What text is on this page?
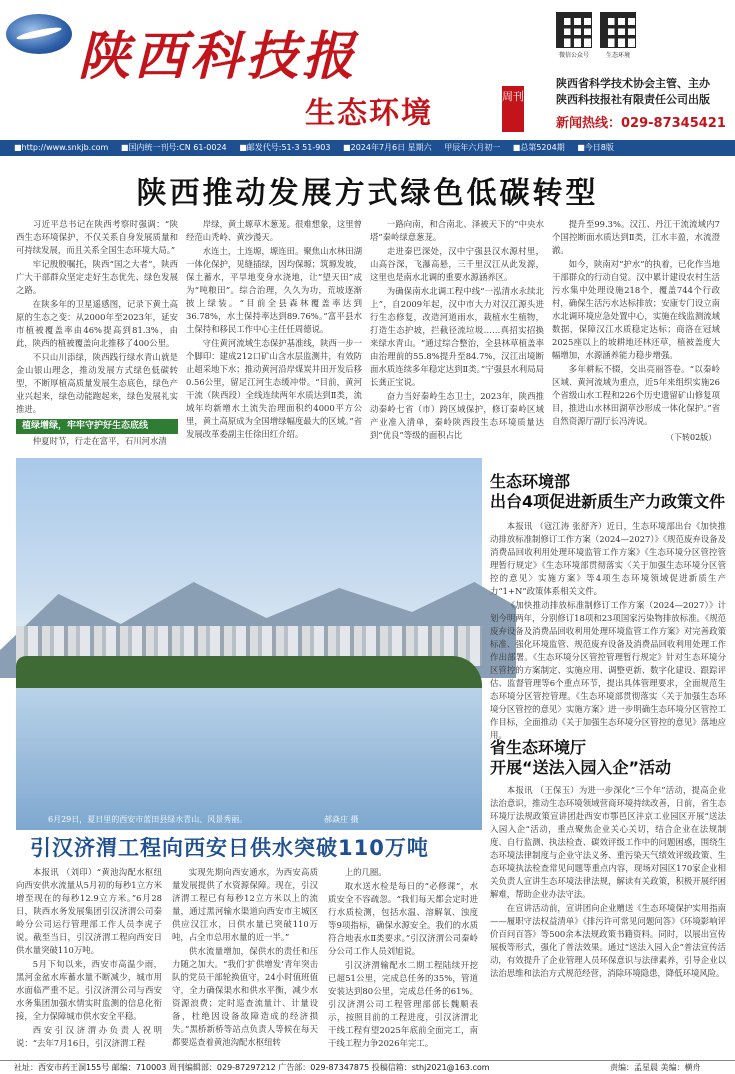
陕西科技报
生态环境	周刊
微信公众号	生态环境
陕西省科学技术协会主管、主办
陕西科技报社有限责任公司出版
新闻热线：029-87345421
■http://www.snkjb.com ■国内统一刊号:CN 61-0024 ■邮发代号:51-3 51-903 ■2024年7月6日 星期六 甲辰年六月初一 ■总第5204期 ■今日8版
陕西推动发展方式绿色低碳转型

习近平总书记在陕西考察时强调：“陕西生态环境保护，不仅关系自身发展质量和可持续发展，而且关系全国生态环境大局。”

牢记殷殷嘱托，陕西“国之大者”，陕西广大干部群众坚定走好生态优先、绿色发展之路。

在陕多年的卫星遥感图，记录下黄土高原的生态之变：从2000年至2023年，延安市植被覆盖率由46%提高到81.3%，由此，陕西的植被覆盖向北推移了400公里。

不只山川添绿，陕西践行绿水青山就是金山银山理念，推动发展方式绿色低碳转型，不断厚植高质量发展生态底色，绿色产业兴起来，绿色动能跑起来，绿色发展礼实推进。

植绿增绿，牢牢守护好生态底线

仲夏时节，行走在富平，石川河水清

岸绿，黄土塬草木葱茏。很难想象，这里曾经范山秃岭、黄沙漫天。

水连土，土连塬，塬连田。聚焦山水林田湖一体化保护，见缝插绿，因均保塬；筑塬发坡，保土蓄水，平旱地变身水浇地，让“望天田”成为“吨粮田”。综合治理，久久为功，荒坡逐渐披上绿装。“目前全县森林覆盖率达到36.78%，水土保持率达到89.76%。”富平县水土保持和移民工作中心主任任周德说。

守住黄河流域生态保护基准线，陕西一步一个脚印：建成212口矿山含水层监测井，有效防止超采地下水；推动黄河沿岸煤炭井田开发后移0.56公里，留足江河生态缓冲带。“目前，黄河干流（陕西段）全线连续两年水质达到Ⅱ类，流域年均新增水土流失治理面积约4000平方公里，黄土高原成为全国增绿幅度最大的区域。”省发展改革委副主任徐田红介绍。

一路向南，和合南北、泽被天下的“中央水塔”秦岭绿意葱茏。

走进秦巴深处，汉中宁强县汉水源村里，山高谷深，飞瀑高悬，三千里汉江从此发源，这里也是南水北调的重要水源涵养区。

为确保南水北调工程中线“一泓清水永续北上”，自2009年起，汉中市大力对汉江源头进行生态修复，改造河道雨水，栽植水生植物，打造生态护坡，拦截径流垃圾……真招实招换来绿水青山。“通过综合整治，全县林草植盖率由治理前的55.8%提升至84.7%，汉江出境断面水质连续多年稳定达到Ⅱ类。”宁强县水利局局长龚正宝说。

奋力当好秦岭生态卫士，2023年，陕西推动秦岭七省（市）跨区域保护，修订秦岭区域产业准入清单，秦岭陕西段生态环境质量达到“优良”等级的面积占比

提升至99.3%。汉江、丹江干流流域内7个国控断面水质达到Ⅱ类，江水丰盈，水流澄澈。

如今，陕南对“护水”的执着，已化作当地干部群众的行动自觉。汉中累计建设农村生活污水集中处理设施218个，覆盖744个行政村，确保生活污水达标排放；安康专门设立南水北调环境应急处置中心，实施在线监测流域数据，保障汉江水质稳定达标；商洛在冠域2025座以上的坡耕地还林还草，植被盖度大幅增加，水源涵养能力稳步增强。

多年耕耘不辍，交出亮丽答卷。“以秦岭区域、黄河流域为重点，近5年来组织实施26个省级山水工程和226个历史遗留矿山修复项目，推进山水林田湖草沙形成一体化保护。”省自然资源厅副厅长冯涛说。

（下转02版）
6月29日，夏日里的西安市蓝田县绿水青山、风景秀丽。	郝焱庄 摄
生态环境部
出台4项促进新质生产力政策文件

本报讯 （寇江涛 张舒齐）近日，生态环境部出台《加快推动排放标准制修订工作方案（2024—2027）》《规范废弃设备及消费品回收利用处理环境监管工作方案》《生态环境分区管控管理暂行规定》《生态环境部贯彻落实〈关于加强生态环境分区管控的意见〉实施方案》等4项生态环境领域促进新质生产力“1+N”政策体系相关文件。

《加快推动排放标准制修订工作方案（2024—2027）》计划今明两年，分别修订18项和23项国家污染物排放标准。《规范废弃设备及消费品回收利用处理环境监管工作方案》对完善政策标准、强化环境监管、规范废弃设备及消费品回收利用处理工作作出部署。《生态环境分区管控管理暂行规定》针对生态环境分区管控的方案制定、实施应用、调整更新、数字化建设、跟踪评估、监督管理等6个重点环节，提出具体管理要求，全面规范生态环境分区管控管理。《生态环境部贯彻落实〈关于加强生态环境分区管控的意见〉实施方案》进一步明确生态环境分区管控工作目标，全面推动《关于加强生态环境分区管控的意见》落地应用。

省生态环境厅
开展“送法入园入企”活动

本报讯 （王保玉）为进一步深化“三个年”活动，提高企业法治意识，推动生态环境领域营商环境持续改善，日前，省生态环境厅法规政策宣讲团赴西安市鄠邑区沣京工业园区开展“送法入园入企”活动，重点聚焦企业关心关切，结合企业在法规制度、自行监测、执法检查、碳效评级工作中的问题困惑，围绕生态环境法律制度与企业守法义务、重污染天气绩效评级政策、生态环境执法检查常见问题等重点内容，现场对园区170家企业相关负责人宣讲生态环境法律法规，解读有关政策，积极开展纾困解难，帮助企业办法守法。

在宣讲活动前，宣讲团向企业赠送《生态环境保护实用指南——履职守法权益清单》《排污许可常见问题问答》《环境影响评价百问百答》等500余本法规政策书籍资料。同时，以展出宣传展板等形式，强化了普法效果。通过“送法入园入企”普法宣传活动，有效提升了企业管理人员环保意识与法律素养，引导企业以法治思维和法治方式规范经营，消除环境隐患，降低环境风险。

引汉济渭工程向西安日供水突破110万吨

本报讯 （刘印）“黄池沟配水枢纽向西安供水流量从5月初的每秒1立方米增至现在的每秒12.9立方米。”6月28日，陕西水务发展集团引汉济渭公司秦岭分公司运行管理部工作人员李虎子说。截至当日，引汉济渭工程向西安日供水量突破110万吨。

5月下旬以来，西安市高温少雨，黑河金盆水库蓄水量不断减少，城市用水面临严重不足。引汉济渭公司与西安水务集团加强水情实时监测的信息化衔接，全力保障城市供水安全平稳。

西安引汉济渭办负责人祝明说：“去年7月16日，引汉济渭工程

实现先期向西安通水，为西安高质量发展提供了水资源保障。现在，引汉济渭工程已有每秒12立方米以上的流量，通过黑河输水渠道向西安市主城区供应汉江水，日供水量已突破110万吨，占全市总用水量的近一半。”

供水流量增加，保供水的责任和压力随之加大。“我们‘扩供增发’青年突击队的党员干部轮换值守，24小时值班值守，全力确保渠水和供水平衡，减少水资源浪费；定时巡查流量计、计量设备，杜绝因设备故障造成的经济损失。”黑桥新桥等站点负责人等候在每天都要巡查着黄池沟配水枢纽转

上的几圈。

取水送水检是每日的“必修课”，水质安全不容疏忽。“我们每天都会定时进行水质检测，包括水温、溶解氧、浊度等9项指标，确保水源安全。我们的水质符合地表水Ⅱ类要求。”引汉济渭公司秦岭分公司工作人员刘旭说。

引汉济渭输配水二期工程陆续开挖已超51公里，完成总任务的35%，管道安装达到80公里，完成总任务的61%。引汉济渭公司工程管理部部长魏顺表示，按照目前的工程进度，引汉济渭北干线工程有望2025年底前全面完工，南干线工程力争2026年完工。

社址：西安市药王洞155号 邮编：710003 周刊编辑部：029-87297212 广告部：029-87347875 投稿信箱：sthj2021@163.com	责编：孟星晨 美编：横舟
